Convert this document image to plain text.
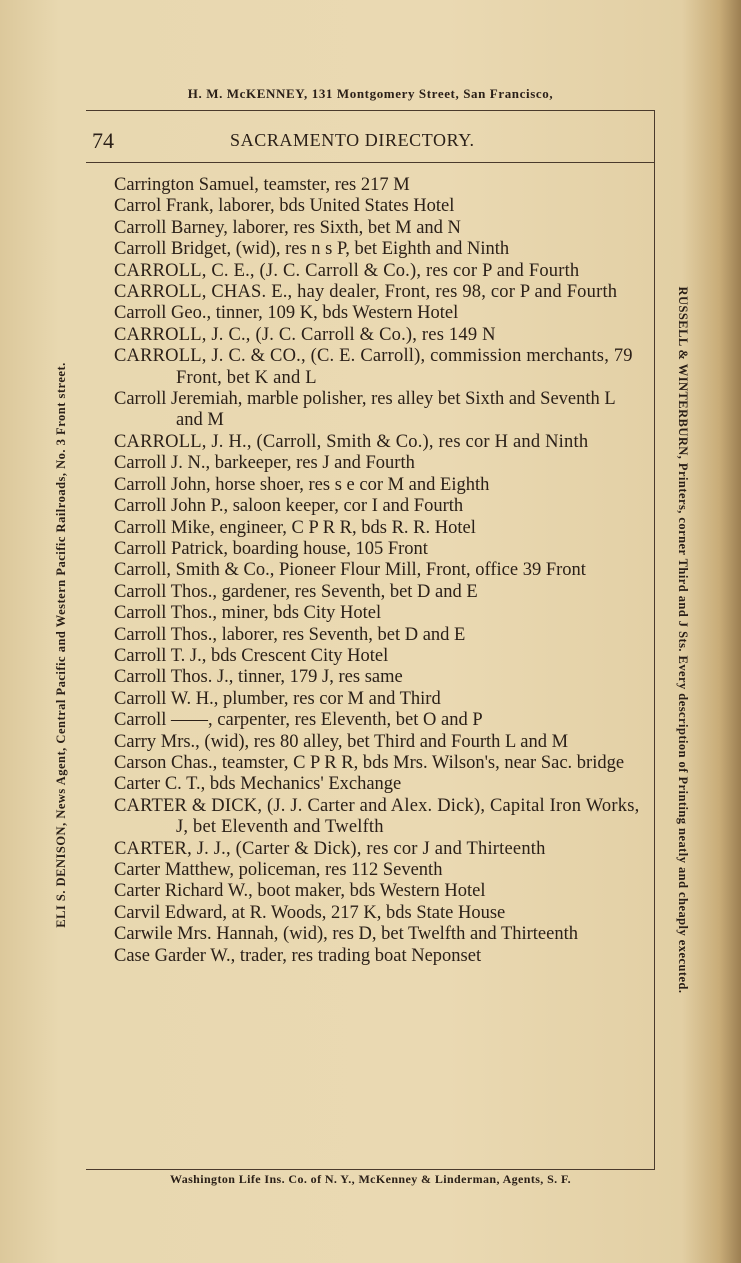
H. M. McKENNEY, 131 Montgomery Street, San Francisco,
ELI S. DENISON, News Agent, Central Pacific and Western Pacific Railroads, No. 3 Front street.	RUSSELL & WINTERBURN, Printers, corner Third and J Sts. Every description of Printing neatly and cheaply executed.
74	SACRAMENTO DIRECTORY.
Carrington Samuel, teamster, res 217 M
Carrol Frank, laborer, bds United States Hotel
Carroll Barney, laborer, res Sixth, bet M and N
Carroll Bridget, (wid), res n s P, bet Eighth and Ninth
CARROLL, C. E., (J. C. Carroll & Co.), res cor P and Fourth
CARROLL, CHAS. E., hay dealer, Front, res 98, cor P and Fourth
Carroll Geo., tinner, 109 K, bds Western Hotel
CARROLL, J. C., (J. C. Carroll & Co.), res 149 N
CARROLL, J. C. & CO., (C. E. Carroll), commission merchants, 79 Front, bet K and L
Carroll Jeremiah, marble polisher, res alley bet Sixth and Seventh L and M
CARROLL, J. H., (Carroll, Smith & Co.), res cor H and Ninth
Carroll J. N., barkeeper, res J and Fourth
Carroll John, horse shoer, res s e cor M and Eighth
Carroll John P., saloon keeper, cor I and Fourth
Carroll Mike, engineer, C P R R, bds R. R. Hotel
Carroll Patrick, boarding house, 105 Front
Carroll, Smith & Co., Pioneer Flour Mill, Front, office 39 Front
Carroll Thos., gardener, res Seventh, bet D and E
Carroll Thos., miner, bds City Hotel
Carroll Thos., laborer, res Seventh, bet D and E
Carroll T. J., bds Crescent City Hotel
Carroll Thos. J., tinner, 179 J, res same
Carroll W. H., plumber, res cor M and Third
Carroll ——, carpenter, res Eleventh, bet O and P
Carry Mrs., (wid), res 80 alley, bet Third and Fourth L and M
Carson Chas., teamster, C P R R, bds Mrs. Wilson's, near Sac. bridge
Carter C. T., bds Mechanics' Exchange
CARTER & DICK, (J. J. Carter and Alex. Dick), Capital Iron Works, J, bet Eleventh and Twelfth
CARTER, J. J., (Carter & Dick), res cor J and Thirteenth
Carter Matthew, policeman, res 112 Seventh
Carter Richard W., boot maker, bds Western Hotel
Carvil Edward, at R. Woods, 217 K, bds State House
Carwile Mrs. Hannah, (wid), res D, bet Twelfth and Thirteenth
Case Garder W., trader, res trading boat Neponset
Washington Life Ins. Co. of N. Y., McKenney & Linderman, Agents, S. F.
